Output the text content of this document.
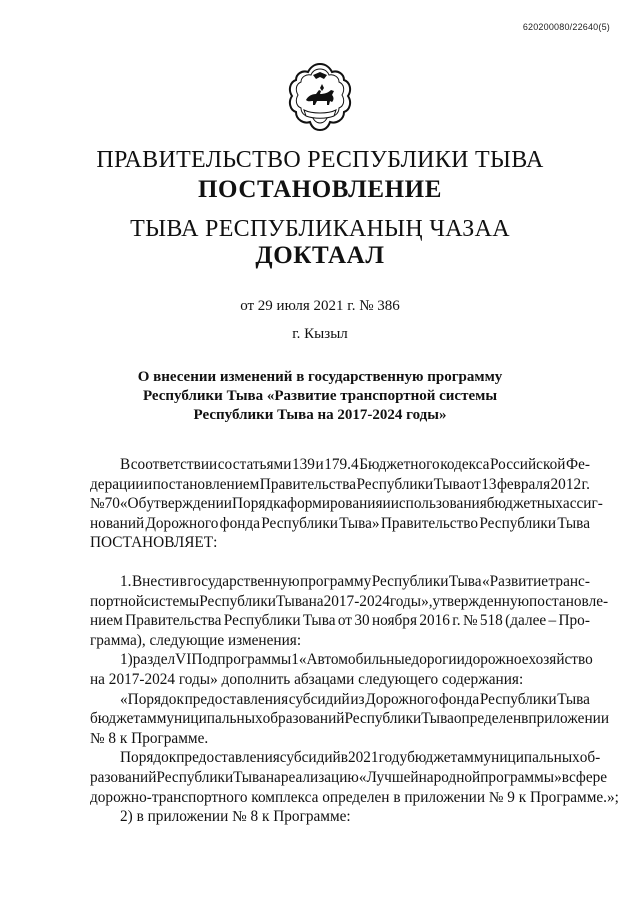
620200080/22640(5)
ПРАВИТЕЛЬСТВО РЕСПУБЛИКИ ТЫВА
ПОСТАНОВЛЕНИЕ
ТЫВА РЕСПУБЛИКАНЫҢ ЧАЗАА
ДОКТААЛ
от 29 июля 2021 г. № 386
г. Кызыл
О внесении изменений в государственную программу
Республики Тыва «Развитие транспортной системы
Республики Тыва на 2017-2024 годы»
В соответствии со статьями 139 и 179.4 Бюджетного кодекса Российской Фе-
дерации и постановлением Правительства Республики Тыва от 13 февраля 2012 г.
№ 70 «Об утверждении Порядка формирования и использования бюджетных ассиг-
нований Дорожного фонда Республики Тыва» Правительство Республики Тыва
ПОСТАНОВЛЯЕТ:
1. Внести в государственную программу Республики Тыва «Развитие транс-
портной системы Республики Тыва на 2017-2024 годы», утвержденную постановле-
нием Правительства Республики Тыва от 30 ноября 2016 г. № 518 (далее – Про-
грамма), следующие изменения:
1) раздел VI Подпрограммы 1 «Автомобильные дороги и дорожное хозяйство
на 2017-2024 годы» дополнить абзацами следующего содержания:
«Порядок предоставления субсидий из Дорожного фонда Республики Тыва
бюджетам муниципальных образований Республики Тыва определен в приложении
№ 8 к Программе.
Порядок предоставления субсидий в 2021 году бюджетам муниципальных об-
разований Республики Тыва на реализацию «Лучшей народной программы» в сфере
дорожно-транспортного комплекса определен в приложении № 9 к Программе.»;
2) в приложении № 8 к Программе:
